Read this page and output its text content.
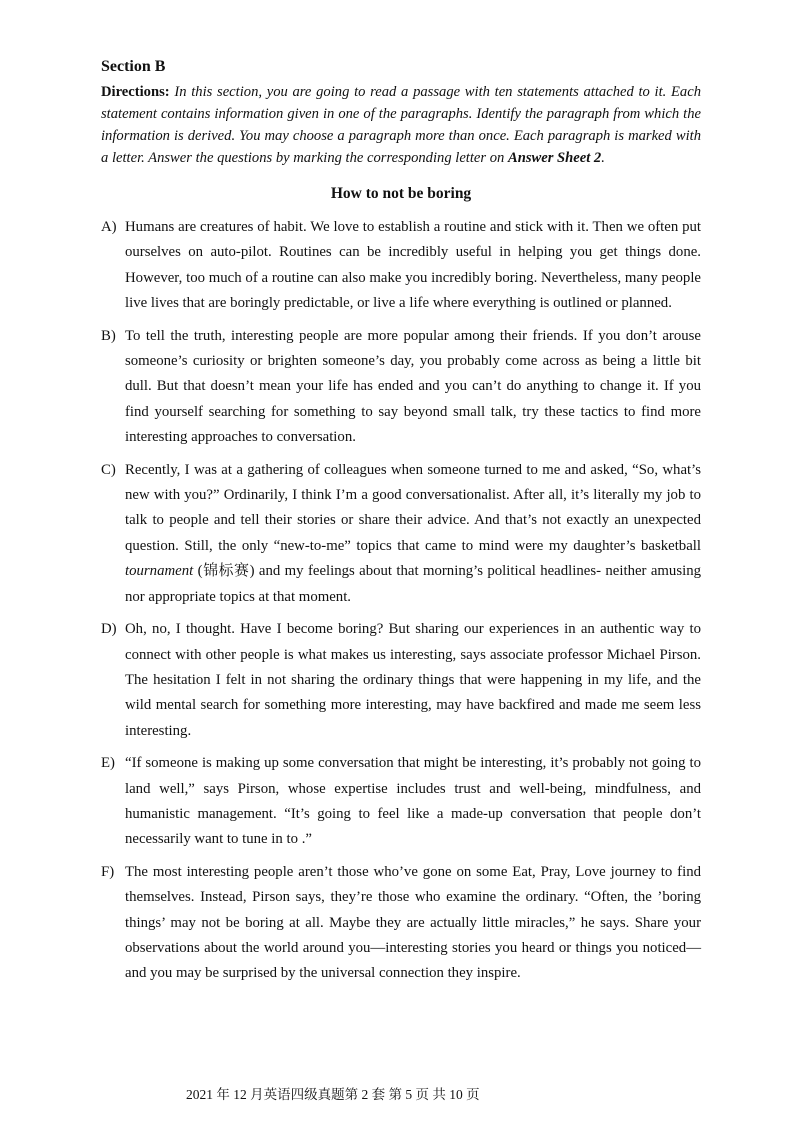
Section B

Directions: In this section, you are going to read a passage with ten statements attached to it. Each statement contains information given in one of the paragraphs. Identify the paragraph from which the information is derived. You may choose a paragraph more than once. Each paragraph is marked with a letter. Answer the questions by marking the corresponding letter on Answer Sheet 2.

How to not be boring
A) Humans are creatures of habit. We love to establish a routine and stick with it. Then we often put ourselves on auto-pilot. Routines can be incredibly useful in helping you get things done. However, too much of a routine can also make you incredibly boring. Nevertheless, many people live lives that are boringly predictable, or live a life where everything is outlined or planned.
B) To tell the truth, interesting people are more popular among their friends. If you don’t arouse someone’s curiosity or brighten someone’s day, you probably come across as being a little bit dull. But that doesn’t mean your life has ended and you can’t do anything to change it. If you find yourself searching for something to say beyond small talk, try these tactics to find more interesting approaches to conversation.
C) Recently, I was at a gathering of colleagues when someone turned to me and asked, “So, what’s new with you?” Ordinarily, I think I’m a good conversationalist. After all, it’s literally my job to talk to people and tell their stories or share their advice. And that’s not exactly an unexpected question. Still, the only “new-to-me” topics that came to mind were my daughter’s basketball tournament (锦标赛) and my feelings about that morning’s political headlines- neither amusing nor appropriate topics at that moment.
D) Oh, no, I thought. Have I become boring? But sharing our experiences in an authentic way to connect with other people is what makes us interesting, says associate professor Michael Pirson. The hesitation I felt in not sharing the ordinary things that were happening in my life, and the wild mental search for something more interesting, may have backfired and made me seem less interesting.
E) “If someone is making up some conversation that might be interesting, it’s probably not going to land well,” says Pirson, whose expertise includes trust and well-being, mindfulness, and humanistic management. “It’s going to feel like a made-up conversation that people don’t necessarily want to tune in to .”
F) The most interesting people aren’t those who’ve gone on some Eat, Pray, Love journey to find themselves. Instead, Pirson says, they’re those who examine the ordinary. “Often, the ’boring things’ may not be boring at all. Maybe they are actually little miracles,” he says. Share your observations about the world around you—interesting stories you heard or things you noticed—and you may be surprised by the universal connection they inspire.
2021 年 12 月英语四级真题第 2 套 第 5 页 共 10 页
